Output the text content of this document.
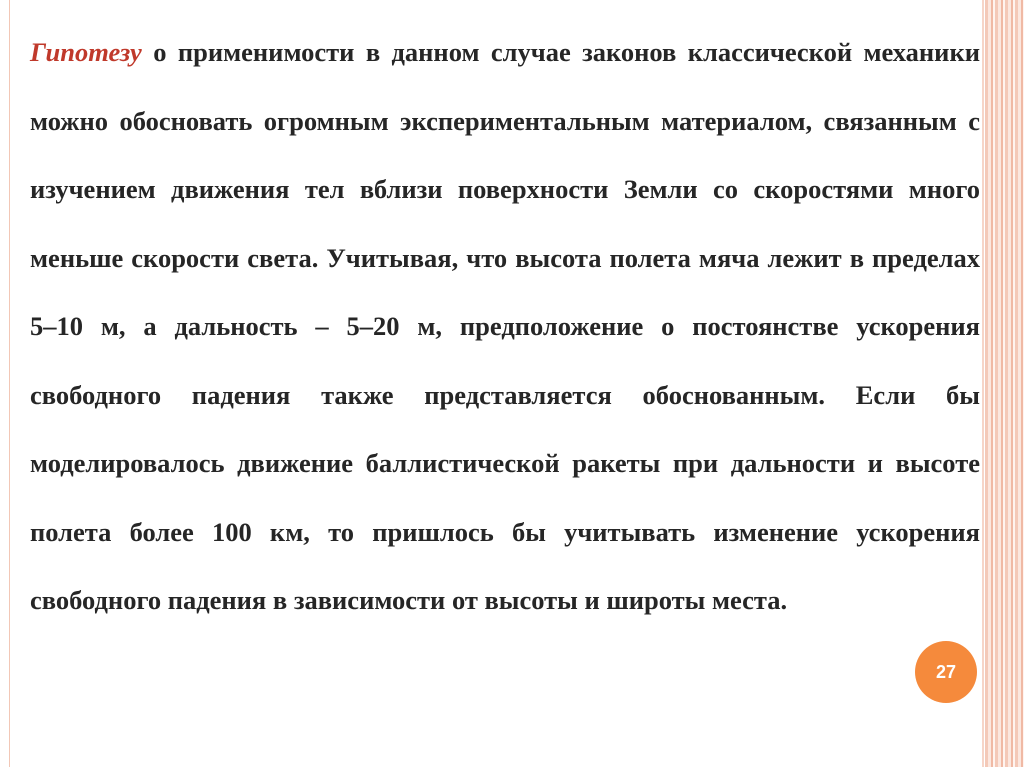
Гипотезу о применимости в данном случае законов классической механики можно обосновать огромным экспериментальным материалом, связанным с изучением движения тел вблизи поверхности Земли со скоростями много меньше скорости света. Учитывая, что высота полета мяча лежит в пределах 5–10 м, а дальность – 5–20 м, предположение о постоянстве ускорения свободного падения также представляется обоснованным. Если бы моделировалось движение баллистической ракеты при дальности и высоте полета более 100 км, то пришлось бы учитывать изменение ускорения свободного падения в зависимости от высоты и широты места.
27
